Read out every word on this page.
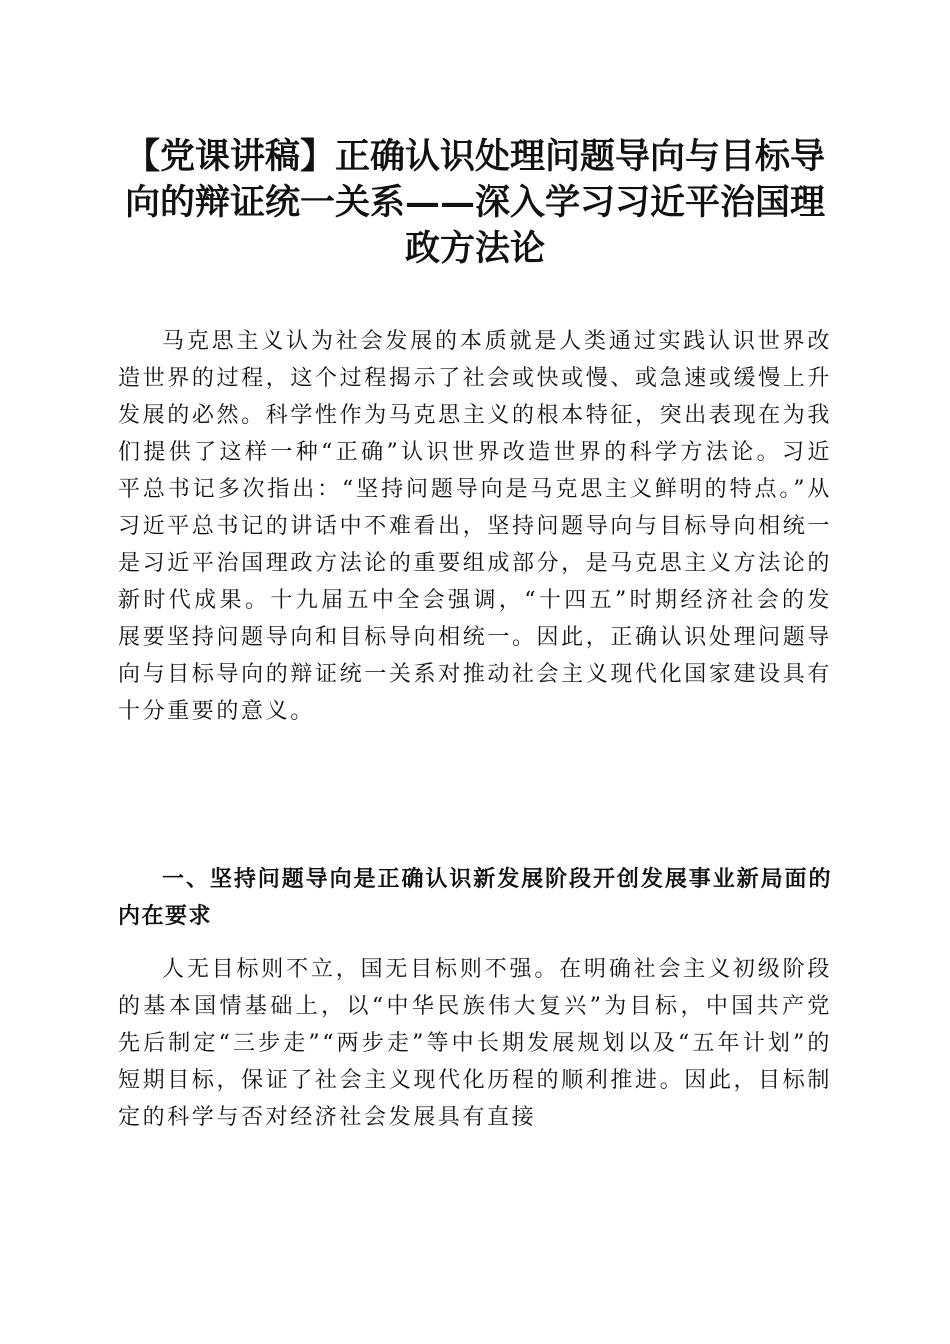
【党课讲稿】正确认识处理问题导向与目标导向的辩证统一关系——深入学习习近平治国理政方法论

马克思主义认为社会发展的本质就是人类通过实践认识世界改造世界的过程，这个过程揭示了社会或快或慢、或急速或缓慢上升发展的必然。科学性作为马克思主义的根本特征，突出表现在为我们提供了这样一种“正确”认识世界改造世界的科学方法论。习近平总书记多次指出：“坚持问题导向是马克思主义鲜明的特点。”从习近平总书记的讲话中不难看出，坚持问题导向与目标导向相统一是习近平治国理政方法论的重要组成部分，是马克思主义方法论的新时代成果。十九届五中全会强调，“十四五”时期经济社会的发展要坚持问题导向和目标导向相统一。因此，正确认识处理问题导向与目标导向的辩证统一关系对推动社会主义现代化国家建设具有十分重要的意义。

一、坚持问题导向是正确认识新发展阶段开创发展事业新局面的内在要求

人无目标则不立，国无目标则不强。在明确社会主义初级阶段的基本国情基础上，以“中华民族伟大复兴”为目标，中国共产党先后制定“三步走”“两步走”等中长期发展规划以及“五年计划”的短期目标，保证了社会主义现代化历程的顺利推进。因此，目标制定的科学与否对经济社会发展具有直接
